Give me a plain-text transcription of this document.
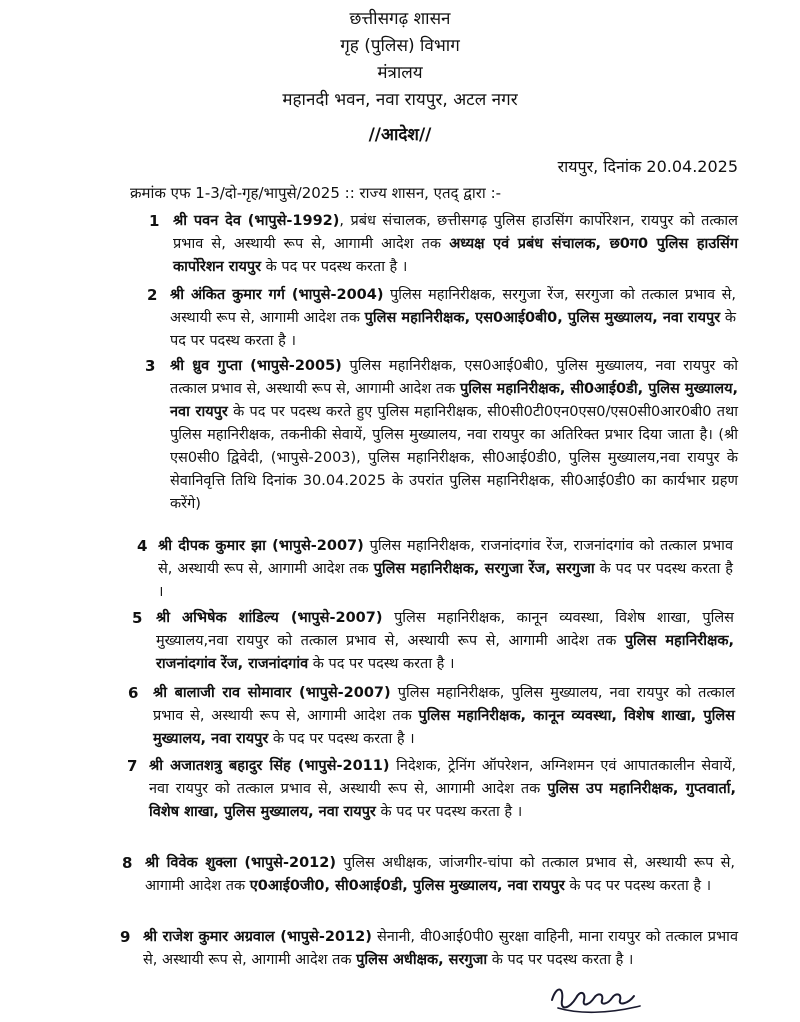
छत्तीसगढ़ शासन
गृह (पुलिस) विभाग
मंत्रालय
महानदी भवन, नवा रायपुर, अटल नगर
//आदेश//
रायपुर, दिनांक 20.04.2025
क्रमांक एफ 1-3/दो-गृह/भापुसे/2025 :: राज्य शासन, एतद् द्वारा :-
1 श्री पवन देव (भापुसे-1992), प्रबंध संचालक, छत्तीसगढ़ पुलिस हाउसिंग कार्पोरेशन, रायपुर को तत्काल प्रभाव से, अस्थायी रूप से, आगामी आदेश तक अध्यक्ष एवं प्रबंध संचालक, छ0ग0 पुलिस हाउसिंग कार्पोरेशन रायपुर के पद पर पदस्थ करता है ।
2 श्री अंकित कुमार गर्ग (भापुसे-2004) पुलिस महानिरीक्षक, सरगुजा रेंज, सरगुजा को तत्काल प्रभाव से, अस्थायी रूप से, आगामी आदेश तक पुलिस महानिरीक्षक, एस0आई0बी0, पुलिस मुख्यालय, नवा रायपुर के पद पर पदस्थ करता है ।
3 श्री ध्रुव गुप्ता (भापुसे-2005) पुलिस महानिरीक्षक, एस0आई0बी0, पुलिस मुख्यालय, नवा रायपुर को तत्काल प्रभाव से, अस्थायी रूप से, आगामी आदेश तक पुलिस महानिरीक्षक, सी0आई0डी, पुलिस मुख्यालय, नवा रायपुर के पद पर पदस्थ करते हुए पुलिस महानिरीक्षक, सी0सी0टी0एन0एस0/एस0सी0आर0बी0 तथा पुलिस महानिरीक्षक, तकनीकी सेवायें, पुलिस मुख्यालय, नवा रायपुर का अतिरिक्त प्रभार दिया जाता है। (श्री एस0सी0 द्विवेदी, (भापुसे-2003), पुलिस महानिरीक्षक, सी0आई0डी0, पुलिस मुख्यालय,नवा रायपुर के सेवानिवृत्ति तिथि दिनांक 30.04.2025 के उपरांत पुलिस महानिरीक्षक, सी0आई0डी0 का कार्यभार ग्रहण करेंगे)
4 श्री दीपक कुमार झा (भापुसे-2007) पुलिस महानिरीक्षक, राजनांदगांव रेंज, राजनांदगांव को तत्काल प्रभाव से, अस्थायी रूप से, आगामी आदेश तक पुलिस महानिरीक्षक, सरगुजा रेंज, सरगुजा के पद पर पदस्थ करता है ।
5 श्री अभिषेक शांडिल्य (भापुसे-2007) पुलिस महानिरीक्षक, कानून व्यवस्था, विशेष शाखा, पुलिस मुख्यालय,नवा रायपुर को तत्काल प्रभाव से, अस्थायी रूप से, आगामी आदेश तक पुलिस महानिरीक्षक, राजनांदगांव रेंज, राजनांदगांव के पद पर पदस्थ करता है ।
6 श्री बालाजी राव सोमावार (भापुसे-2007) पुलिस महानिरीक्षक, पुलिस मुख्यालय, नवा रायपुर को तत्काल प्रभाव से, अस्थायी रूप से, आगामी आदेश तक पुलिस महानिरीक्षक, कानून व्यवस्था, विशेष शाखा, पुलिस मुख्यालय, नवा रायपुर के पद पर पदस्थ करता है ।
7 श्री अजातशत्रु बहादुर सिंह (भापुसे-2011) निदेशक, ट्रेनिंग ऑपरेशन, अग्निशमन एवं आपातकालीन सेवायें, नवा रायपुर को तत्काल प्रभाव से, अस्थायी रूप से, आगामी आदेश तक पुलिस उप महानिरीक्षक, गुप्तवार्ता, विशेष शाखा, पुलिस मुख्यालय, नवा रायपुर के पद पर पदस्थ करता है ।
8 श्री विवेक शुक्ला (भापुसे-2012) पुलिस अधीक्षक, जांजगीर-चांपा को तत्काल प्रभाव से, अस्थायी रूप से, आगामी आदेश तक ए0आई0जी0, सी0आई0डी, पुलिस मुख्यालय, नवा रायपुर के पद पर पदस्थ करता है ।
9 श्री राजेश कुमार अग्रवाल (भापुसे-2012) सेनानी, वी0आई0पी0 सुरक्षा वाहिनी, माना रायपुर को तत्काल प्रभाव से, अस्थायी रूप से, आगामी आदेश तक पुलिस अधीक्षक, सरगुजा के पद पर पदस्थ करता है ।
